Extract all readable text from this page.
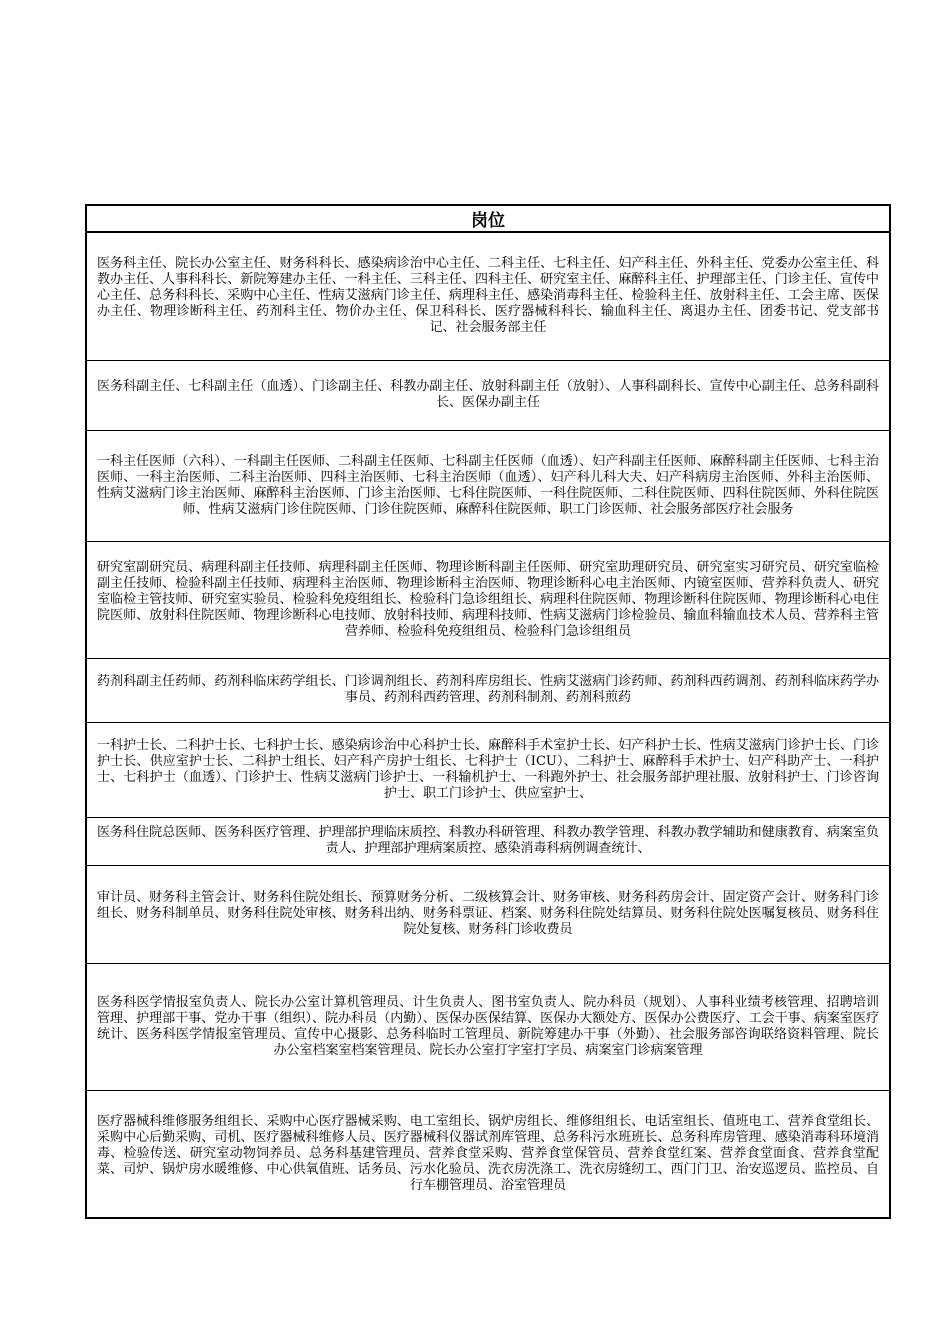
岗位
医务科主任、院长办公室主任、财务科科长、感染病诊治中心主任、二科主任、七科主任、妇产科主任、外科主任、党委办公室主任、科教办主任、人事科科长、新院筹建办主任、一科主任、三科主任、四科主任、研究室主任、麻醉科主任、护理部主任、门诊主任、宣传中心主任、总务科科长、采购中心主任、性病艾滋病门诊主任、病理科主任、感染消毒科主任、检验科主任、放射科主任、工会主席、医保办主任、物理诊断科主任、药剂科主任、物价办主任、保卫科科长、医疗器械科科长、输血科主任、离退办主任、团委书记、党支部书记、社会服务部主任
医务科副主任、七科副主任（血透）、门诊副主任、科教办副主任、放射科副主任（放射）、人事科副科长、宣传中心副主任、总务科副科长、医保办副主任
一科主任医师（六科）、一科副主任医师、二科副主任医师、七科副主任医师（血透）、妇产科副主任医师、麻醉科副主任医师、七科主治医师、一科主治医师、二科主治医师、四科主治医师、七科主治医师（血透）、妇产科儿科大夫、妇产科病房主治医师、外科主治医师、性病艾滋病门诊主治医师、麻醉科主治医师、门诊主治医师、七科住院医师、一科住院医师、二科住院医师、四科住院医师、外科住院医师、性病艾滋病门诊住院医师、门诊住院医师、麻醉科住院医师、职工门诊医师、社会服务部医疗社会服务
研究室副研究员、病理科副主任技师、病理科副主任医师、物理诊断科副主任医师、研究室助理研究员、研究室实习研究员、研究室临检副主任技师、检验科副主任技师、病理科主治医师、物理诊断科主治医师、物理诊断科心电主治医师、内镜室医师、营养科负责人、研究室临检主管技师、研究室实验员、检验科免疫组组长、检验科门急诊组组长、病理科住院医师、物理诊断科住院医师、物理诊断科心电住院医师、放射科住院医师、物理诊断科心电技师、放射科技师、病理科技师、性病艾滋病门诊检验员、输血科输血技术人员、营养科主管营养师、检验科免疫组组员、检验科门急诊组组员
药剂科副主任药师、药剂科临床药学组长、门诊调剂组长、药剂科库房组长、性病艾滋病门诊药师、药剂科西药调剂、药剂科临床药学办事员、药剂科西药管理、药剂科制剂、药剂科煎药
一科护士长、二科护士长、七科护士长、感染病诊治中心科护士长、麻醉科手术室护士长、妇产科护士长、性病艾滋病门诊护士长、门诊护士长、供应室护士长、二科护士组长、妇产科产房护士组长、七科护士（ICU）、二科护士、麻醉科手术护士、妇产科助产士、一科护士、七科护士（血透）、门诊护士、性病艾滋病门诊护士、一科输机护士、一科跑外护士、社会服务部护理社服、放射科护士、门诊咨询护士、职工门诊护士、供应室护士、
医务科住院总医师、医务科医疗管理、护理部护理临床质控、科教办科研管理、科教办教学管理、科教办教学辅助和健康教育、病案室负责人、护理部护理病案质控、感染消毒科病例调查统计、
审计员、财务科主管会计、财务科住院处组长、预算财务分析、二级核算会计、财务审核、财务科药房会计、固定资产会计、财务科门诊组长、财务科制单员、财务科住院处审核、财务科出纳、财务科票证、档案、财务科住院处结算员、财务科住院处医嘱复核员、财务科住院处复核、财务科门诊收费员
医务科医学情报室负责人、院长办公室计算机管理员、计生负责人、图书室负责人、院办科员（规划）、人事科业绩考核管理、招聘培训管理、护理部干事、党办干事（组织）、院办科员（内勤）、医保办医保结算、医保办大额处方、医保办公费医疗、工会干事、病案室医疗统计、医务科医学情报室管理员、宣传中心摄影、总务科临时工管理员、新院筹建办干事（外勤）、社会服务部咨询联络资料管理、院长办公室档案室档案管理员、院长办公室打字室打字员、病案室门诊病案管理
医疗器械科维修服务组组长、采购中心医疗器械采购、电工室组长、锅炉房组长、维修组组长、电话室组长、值班电工、营养食堂组长、采购中心后勤采购、司机、医疗器械科维修人员、医疗器械科仪器试剂库管理、总务科污水班班长、总务科库房管理、感染消毒科环境消毒、检验传送、研究室动物饲养员、总务科基建管理员、营养食堂采购、营养食堂保管员、营养食堂红案、营养食堂面食、营养食堂配菜、司炉、锅炉房水暖维修、中心供氧值班、话务员、污水化验员、洗衣房洗涤工、洗衣房缝纫工、西门门卫、治安巡逻员、监控员、自行车棚管理员、浴室管理员
